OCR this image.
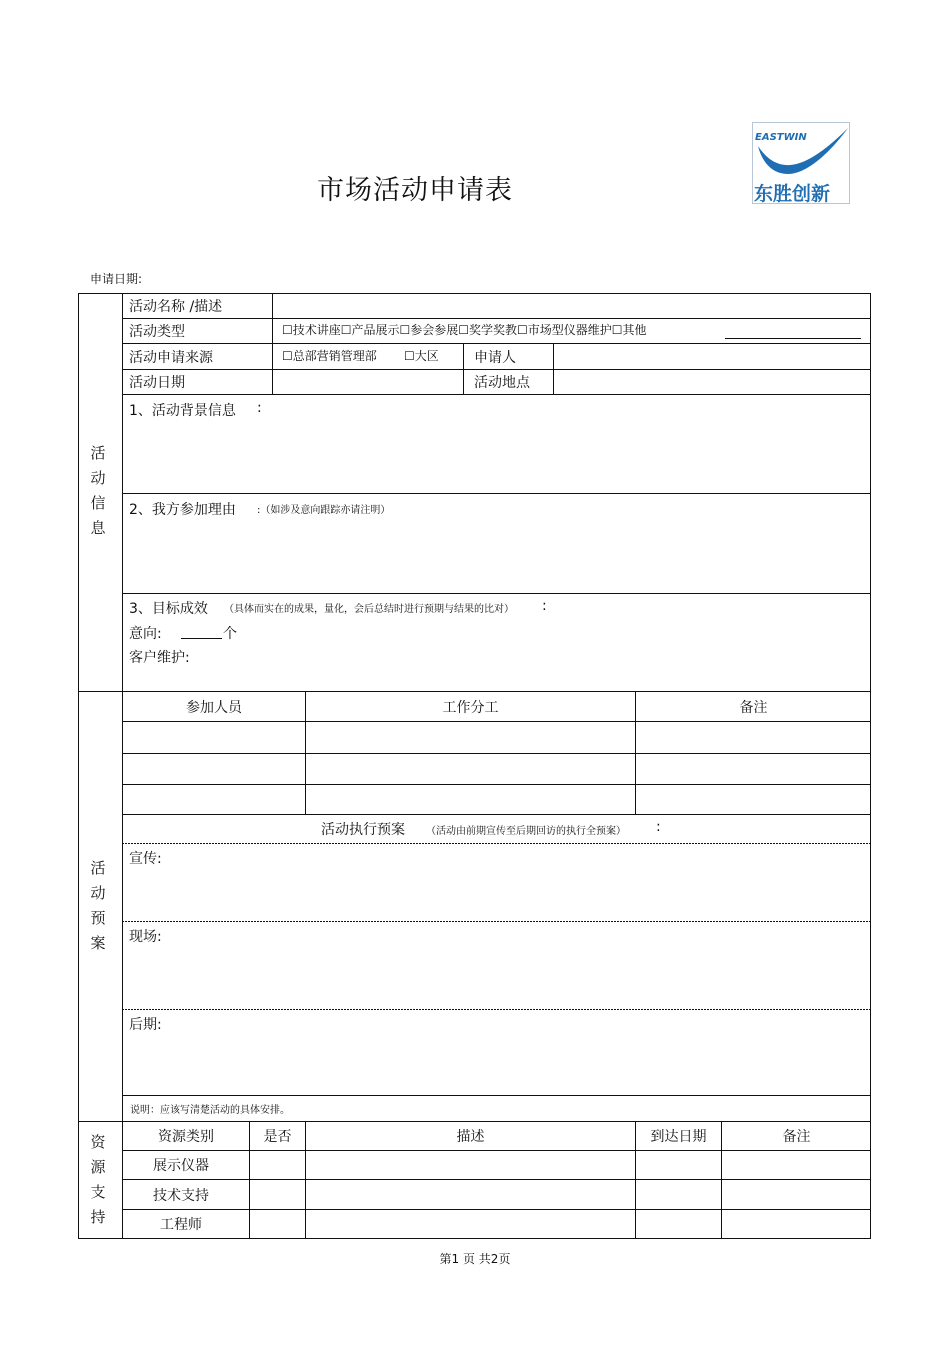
市场活动申请表
EASTWIN
东胜创新
申请日期:
活
动
信
息
活
动
预
案
资
源
支
持
活动名称 /描述
活动类型	☐技术讲座☐产品展示☐参会参展☐奖学奖教☐市场型仪器维护☐其他
活动申请来源	☐总部营销管理部 ☐大区	申请人
活动日期	活动地点
1、活动背景信息 :
2、我方参加理由 :（如涉及意向跟踪亦请注明）
3、目标成效 （具体而实在的成果，量化，会后总结时进行预期与结果的比对） :
意向:	个
客户维护:
参加人员	工作分工	备注
活动执行预案 （活动由前期宣传至后期回访的执行全预案） :
宣传:
现场:
后期:
说明：应该写清楚活动的具体安排。
资源类别	是否	描述	到达日期	备注
展示仪器
技术支持
工程师
第1 页 共2页
